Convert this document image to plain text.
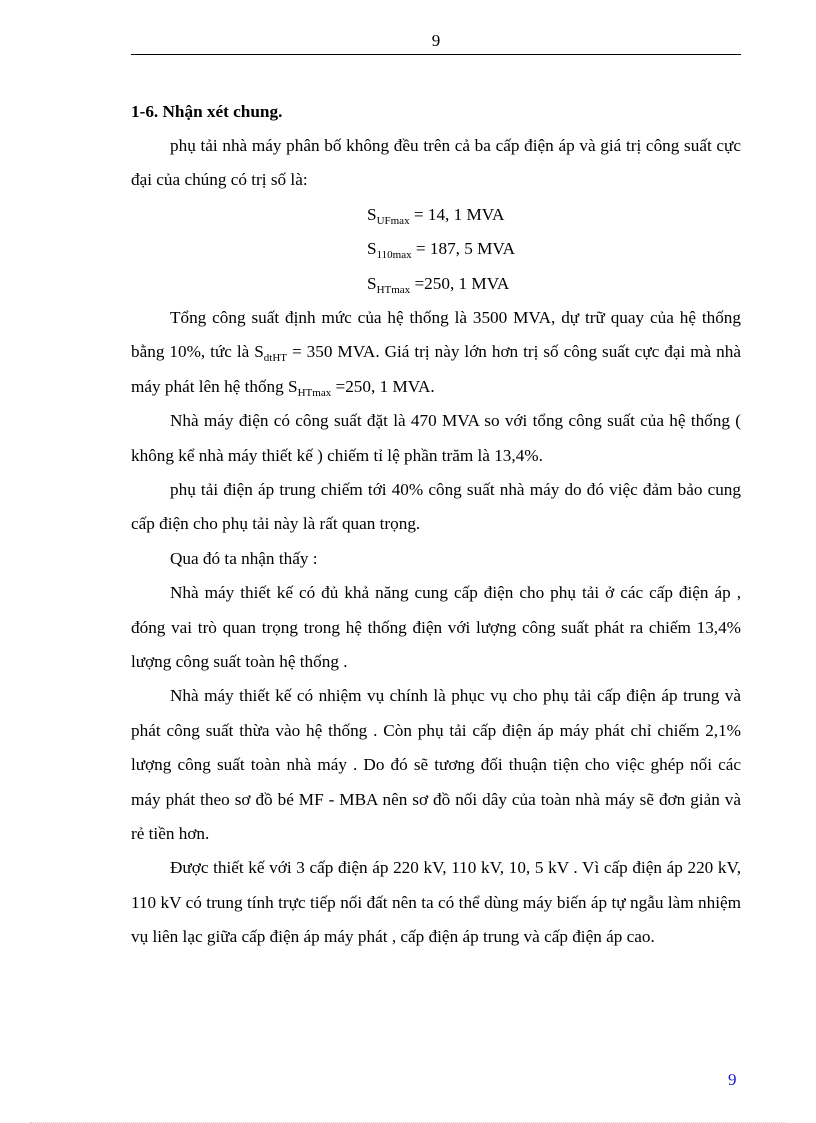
9

1-6. Nhận xét chung.

phụ tải nhà máy phân bố không đều trên cả ba cấp điện áp và giá trị công suất cực đại của chúng có trị số là:

$S_{UFmax} = 14$, 1 MVA
$S_{110max} = 187$, 5 MVA
$S_{HTmax} =250$, 1 MVA

Tổng công suất định mức của hệ thống là 3500 MVA, dự trữ quay của hệ thống bằng 10%, tức là $S_{dtHT} = 350$ MVA. Giá trị này lớn hơn trị số công suất cực đại mà nhà máy phát lên hệ thống $S_{HTmax} =250$, 1 MVA.

Nhà máy điện có công suất đặt là 470 MVA so với tổng công suất của hệ thống ( không kể nhà máy thiết kế ) chiếm tỉ lệ phần trăm là 13,4%.

phụ tải điện áp trung chiếm tới 40% công suất nhà máy do đó việc đảm bảo cung cấp điện cho phụ tải này là rất quan trọng.

Qua đó ta nhận thấy :

Nhà máy thiết kế có đủ khả năng cung cấp điện cho phụ tải ở các cấp điện áp , đóng vai trò quan trọng trong hệ thống điện với lượng công suất phát ra chiếm 13,4% lượng công suất toàn hệ thống .

Nhà máy thiết kế có nhiệm vụ chính là phục vụ cho phụ tải cấp điện áp trung và phát công suất thừa vào hệ thống . Còn phụ tải cấp điện áp máy phát chỉ chiếm 2,1% lượng công suất toàn nhà máy . Do đó sẽ tương đối thuận tiện cho việc ghép nối các máy phát theo sơ đồ bé MF - MBA nên sơ đồ nối dây của toàn nhà máy sẽ đơn giản và rẻ tiền hơn.

Được thiết kế với 3 cấp điện áp 220 kV, 110 kV, 10, 5 kV . Vì cấp điện áp 220 kV, 110 kV có trung tính trực tiếp nối đất nên ta có thể dùng máy biến áp tự ngẫu làm nhiệm vụ liên lạc giữa cấp điện áp máy phát , cấp điện áp trung và cấp điện áp cao.

9
